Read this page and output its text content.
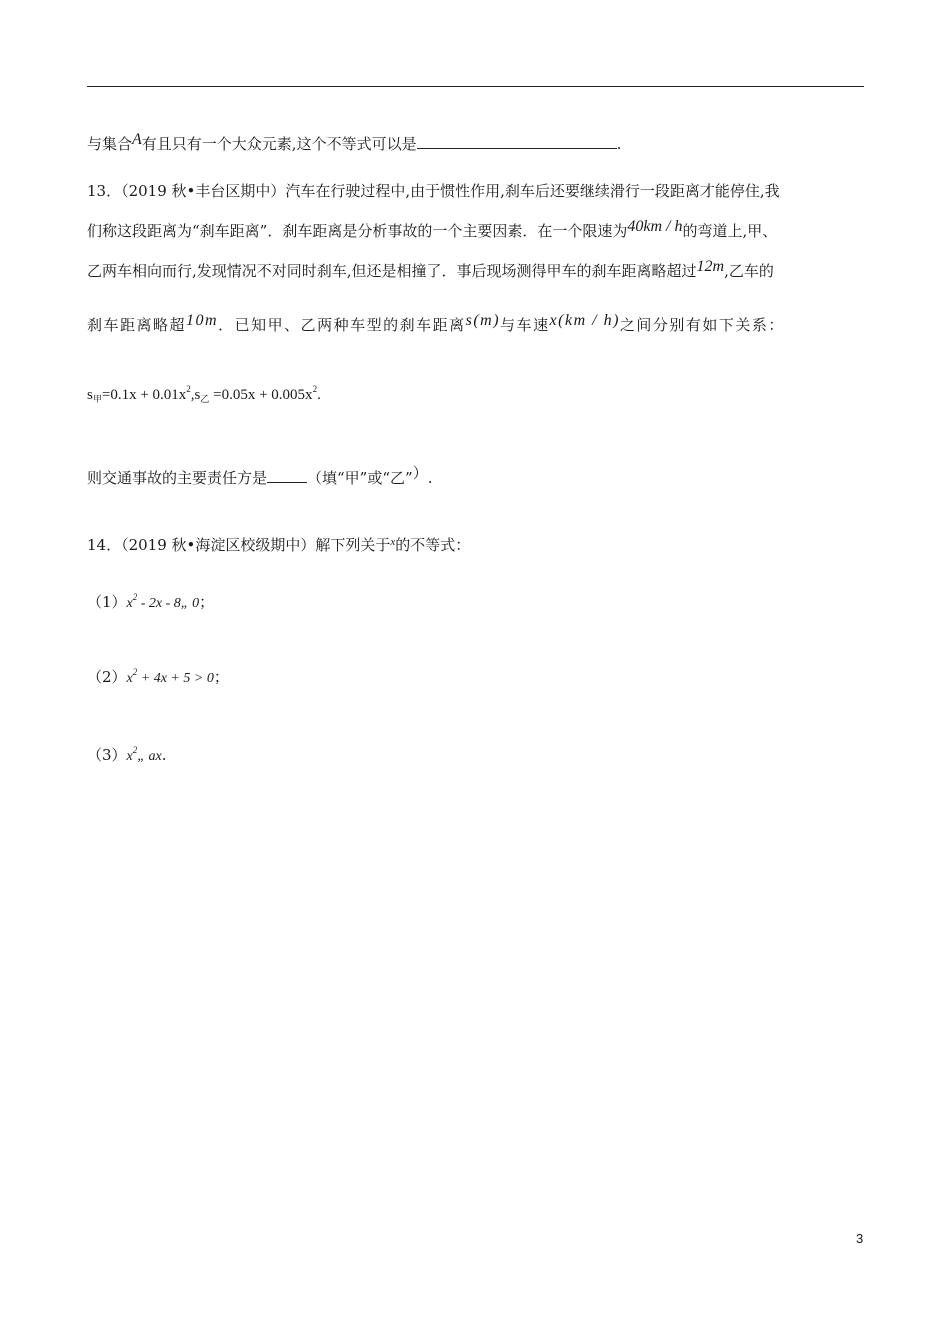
与集合A有且只有一个大众元素,这个不等式可以是	.
13．（2019 秋•丰台区期中）汽车在行驶过程中,由于惯性作用,刹车后还要继续滑行一段距离才能停住,我
们称这段距离为“刹车距离”．刹车距离是分析事故的一个主要因素．在一个限速为40km / h的弯道上,甲、
乙两车相向而行,发现情况不对同时刹车,但还是相撞了．事后现场测得甲车的刹车距离略超过12m,乙车的
刹车距离略超10m．已知甲、乙两种车型的刹车距离s(m)与车速x(km / h)之间分别有如下关系：
$s_甲=0.1x + 0.01x^2,s_乙 =0.05x + 0.005x^2$.
则交通事故的主要责任方是	（填“甲”或“乙”）.
14．（2019 秋•海淀区校级期中）解下列关于$^x$的不等式：
$(1)x^2 - 2x$ - 8„ 0；
$(2)x^2 + 4x + 5 > 0$；
$(3)x^2„$ ax.
3
